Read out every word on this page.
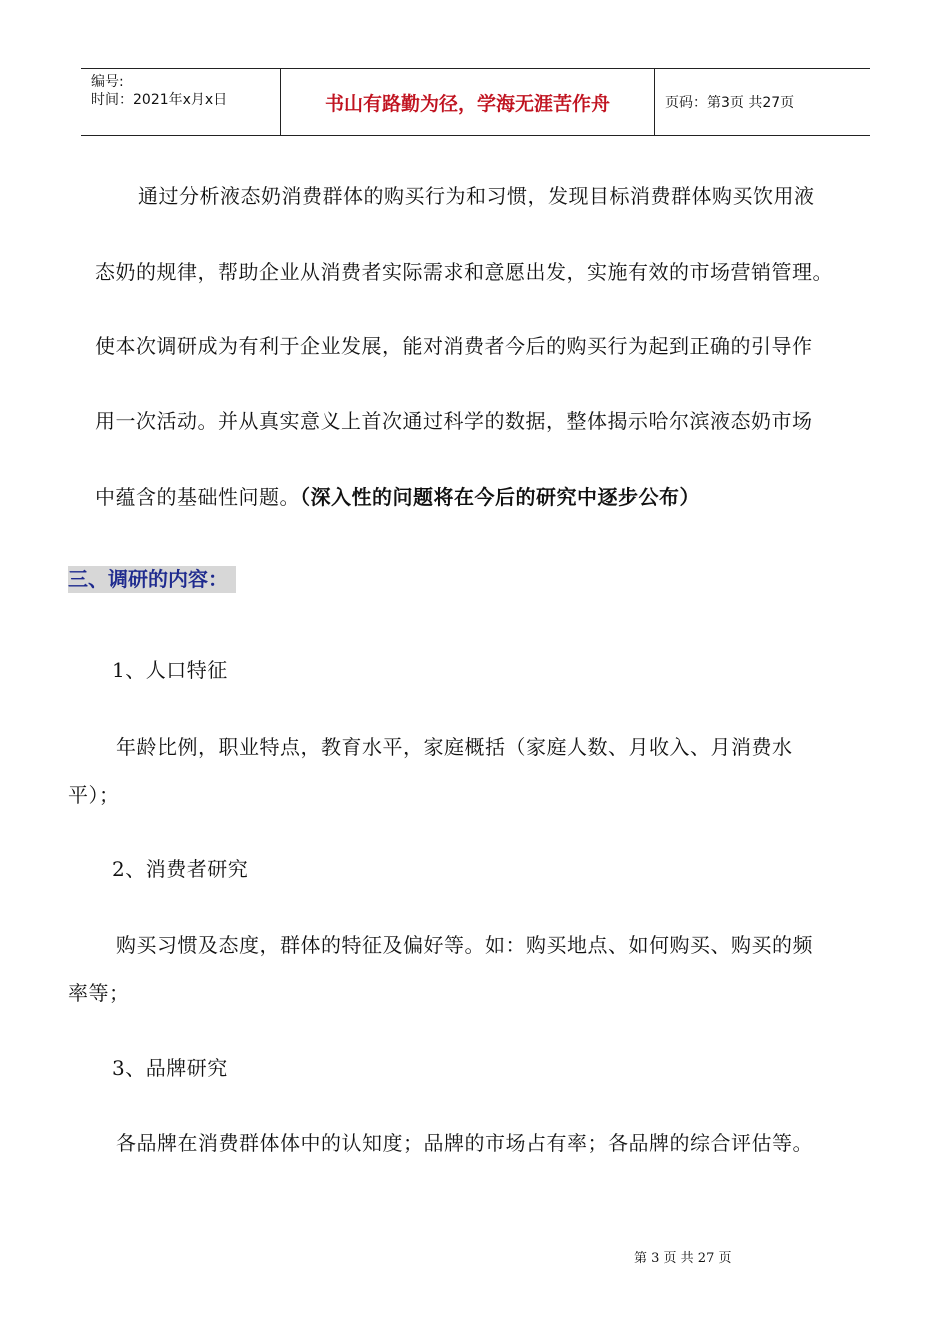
编号:
时间：2021年x月x日	书山有路勤为径，学海无涯苦作舟	页码：第3页 共27页
通过分析液态奶消费群体的购买行为和习惯，发现目标消费群体购买饮用液
态奶的规律，帮助企业从消费者实际需求和意愿出发，实施有效的市场营销管理。
使本次调研成为有利于企业发展，能对消费者今后的购买行为起到正确的引导作
用一次活动。并从真实意义上首次通过科学的数据，整体揭示哈尔滨液态奶市场
中蕴含的基础性问题。（深入性的问题将在今后的研究中逐步公布）
三、调研的内容：
1、人口特征
年龄比例，职业特点，教育水平，家庭概括（家庭人数、月收入、月消费水
平）；
2、消费者研究
购买习惯及态度，群体的特征及偏好等。如：购买地点、如何购买、购买的频
率等；
3、品牌研究
各品牌在消费群体体中的认知度；品牌的市场占有率；各品牌的综合评估等。
第 3 页 共 27 页
